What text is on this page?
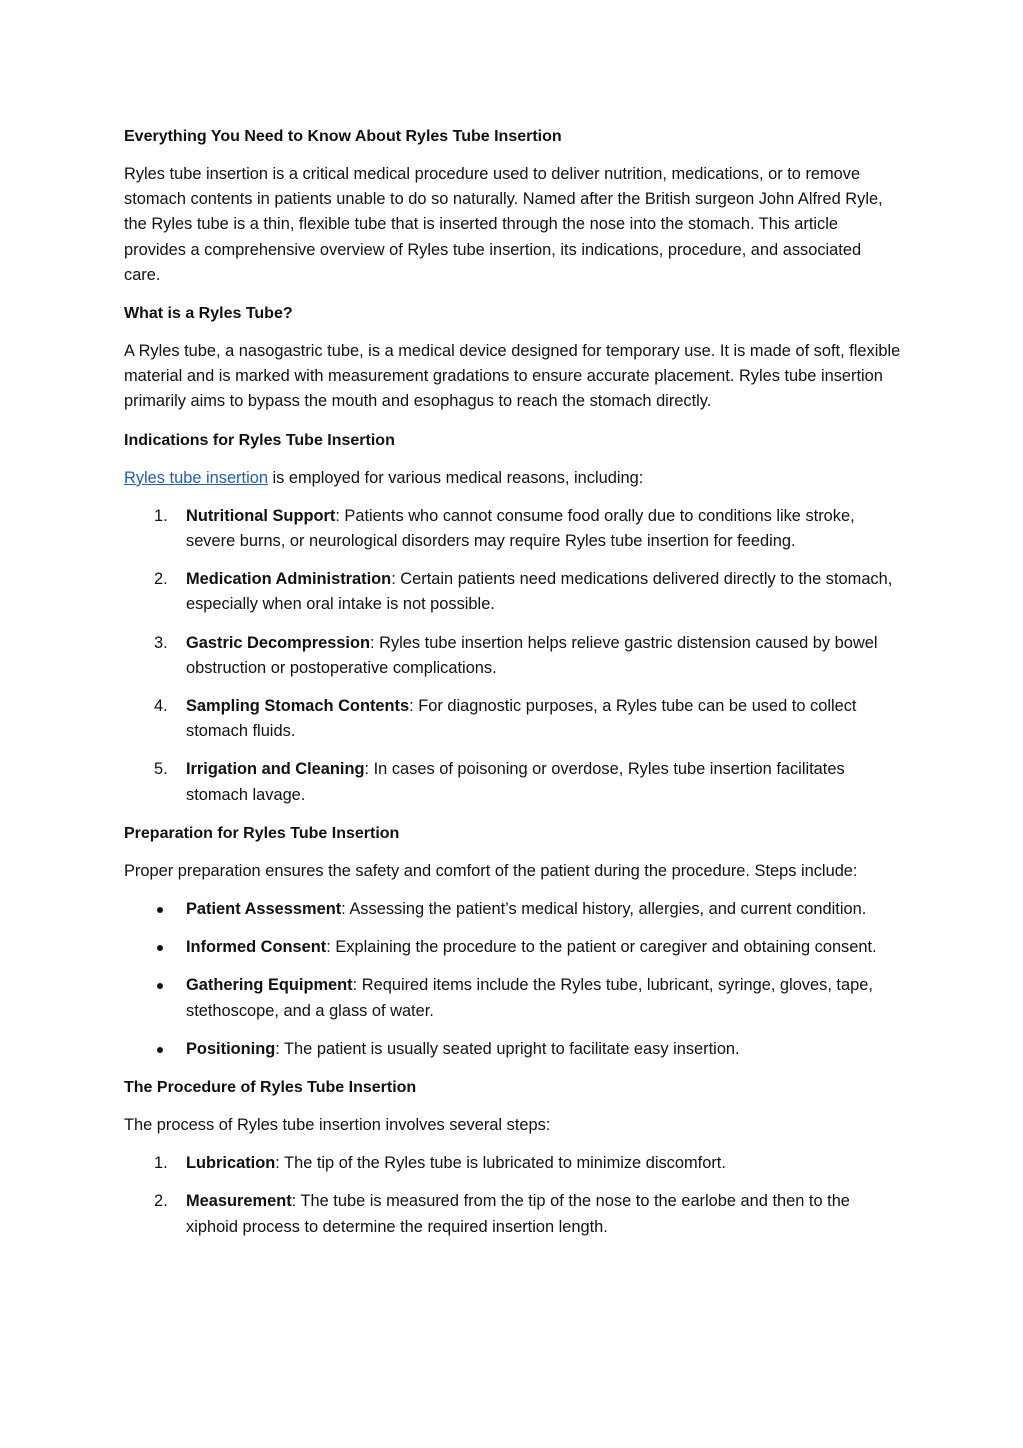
Everything You Need to Know About Ryles Tube Insertion

Ryles tube insertion is a critical medical procedure used to deliver nutrition, medications, or to remove stomach contents in patients unable to do so naturally. Named after the British surgeon John Alfred Ryle, the Ryles tube is a thin, flexible tube that is inserted through the nose into the stomach. This article provides a comprehensive overview of Ryles tube insertion, its indications, procedure, and associated care.

What is a Ryles Tube?

A Ryles tube, a nasogastric tube, is a medical device designed for temporary use. It is made of soft, flexible material and is marked with measurement gradations to ensure accurate placement. Ryles tube insertion primarily aims to bypass the mouth and esophagus to reach the stomach directly.

Indications for Ryles Tube Insertion

Ryles tube insertion is employed for various medical reasons, including:

1.	Nutritional Support: Patients who cannot consume food orally due to conditions like stroke, severe burns, or neurological disorders may require Ryles tube insertion for feeding.
2.	Medication Administration: Certain patients need medications delivered directly to the stomach, especially when oral intake is not possible.
3.	Gastric Decompression: Ryles tube insertion helps relieve gastric distension caused by bowel obstruction or postoperative complications.
4.	Sampling Stomach Contents: For diagnostic purposes, a Ryles tube can be used to collect stomach fluids.
5.	Irrigation and Cleaning: In cases of poisoning or overdose, Ryles tube insertion facilitates stomach lavage.
Preparation for Ryles Tube Insertion

Proper preparation ensures the safety and comfort of the patient during the procedure. Steps include:

Patient Assessment: Assessing the patient’s medical history, allergies, and current condition.
Informed Consent: Explaining the procedure to the patient or caregiver and obtaining consent.
Gathering Equipment: Required items include the Ryles tube, lubricant, syringe, gloves, tape, stethoscope, and a glass of water.
Positioning: The patient is usually seated upright to facilitate easy insertion.
The Procedure of Ryles Tube Insertion

The process of Ryles tube insertion involves several steps:

1.	Lubrication: The tip of the Ryles tube is lubricated to minimize discomfort.
2.	Measurement: The tube is measured from the tip of the nose to the earlobe and then to the xiphoid process to determine the required insertion length.
